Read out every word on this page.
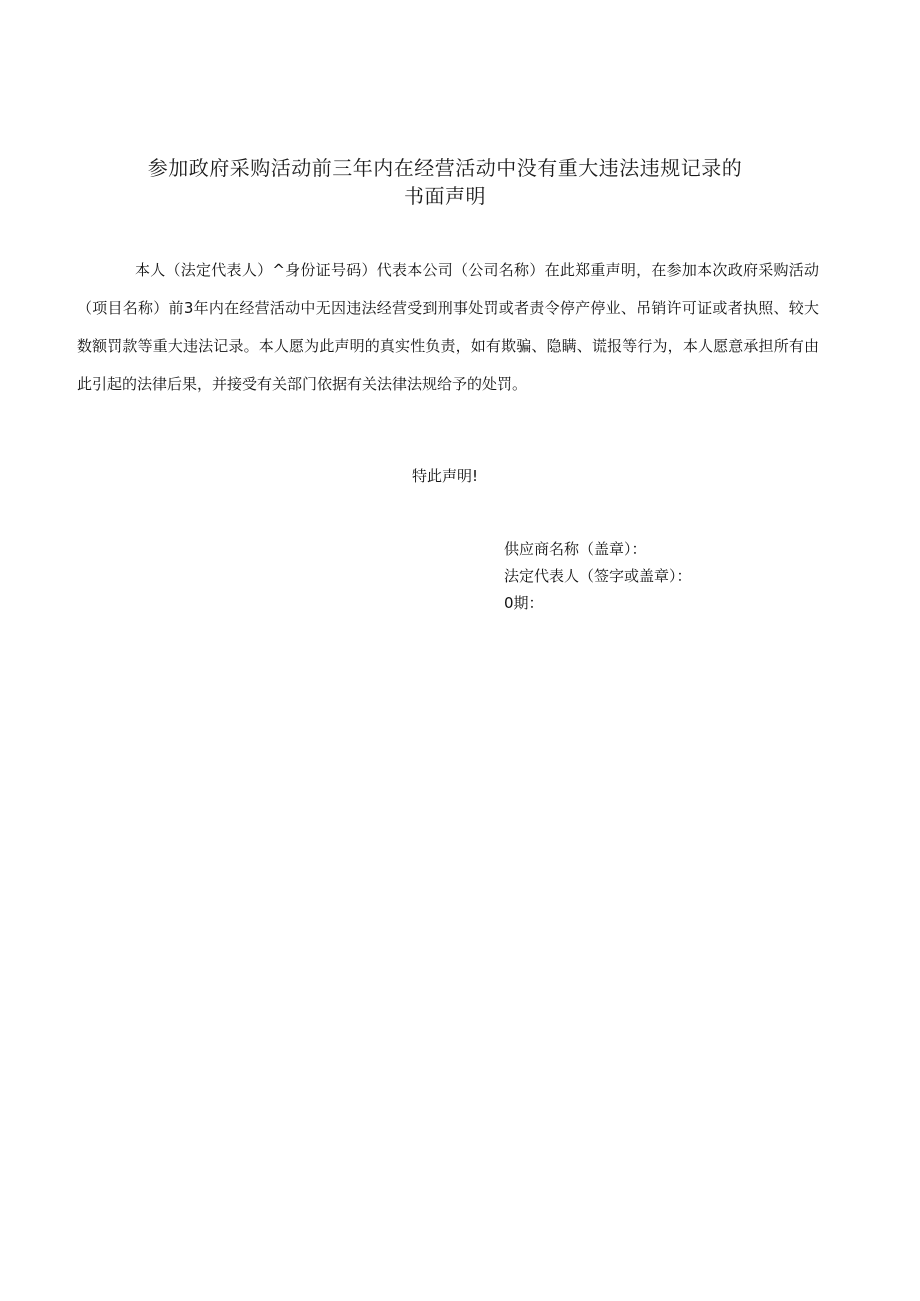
参加政府采购活动前三年内在经营活动中没有重大违法违规记录的
书面声明

本人（法定代表人）^身份证号码）代表本公司（公司名称）在此郑重声明，在参加本次政府采购活动（项目名称）前3年内在经营活动中无因违法经营受到刑事处罚或者责令停产停业、吊销许可证或者执照、较大数额罚款等重大违法记录。本人愿为此声明的真实性负责，如有欺骗、隐瞒、谎报等行为，本人愿意承担所有由此引起的法律后果，并接受有关部门依据有关法律法规给予的处罚。

特此声明!
供应商名称（盖章）：
法定代表人（签字或盖章）：
0期：
